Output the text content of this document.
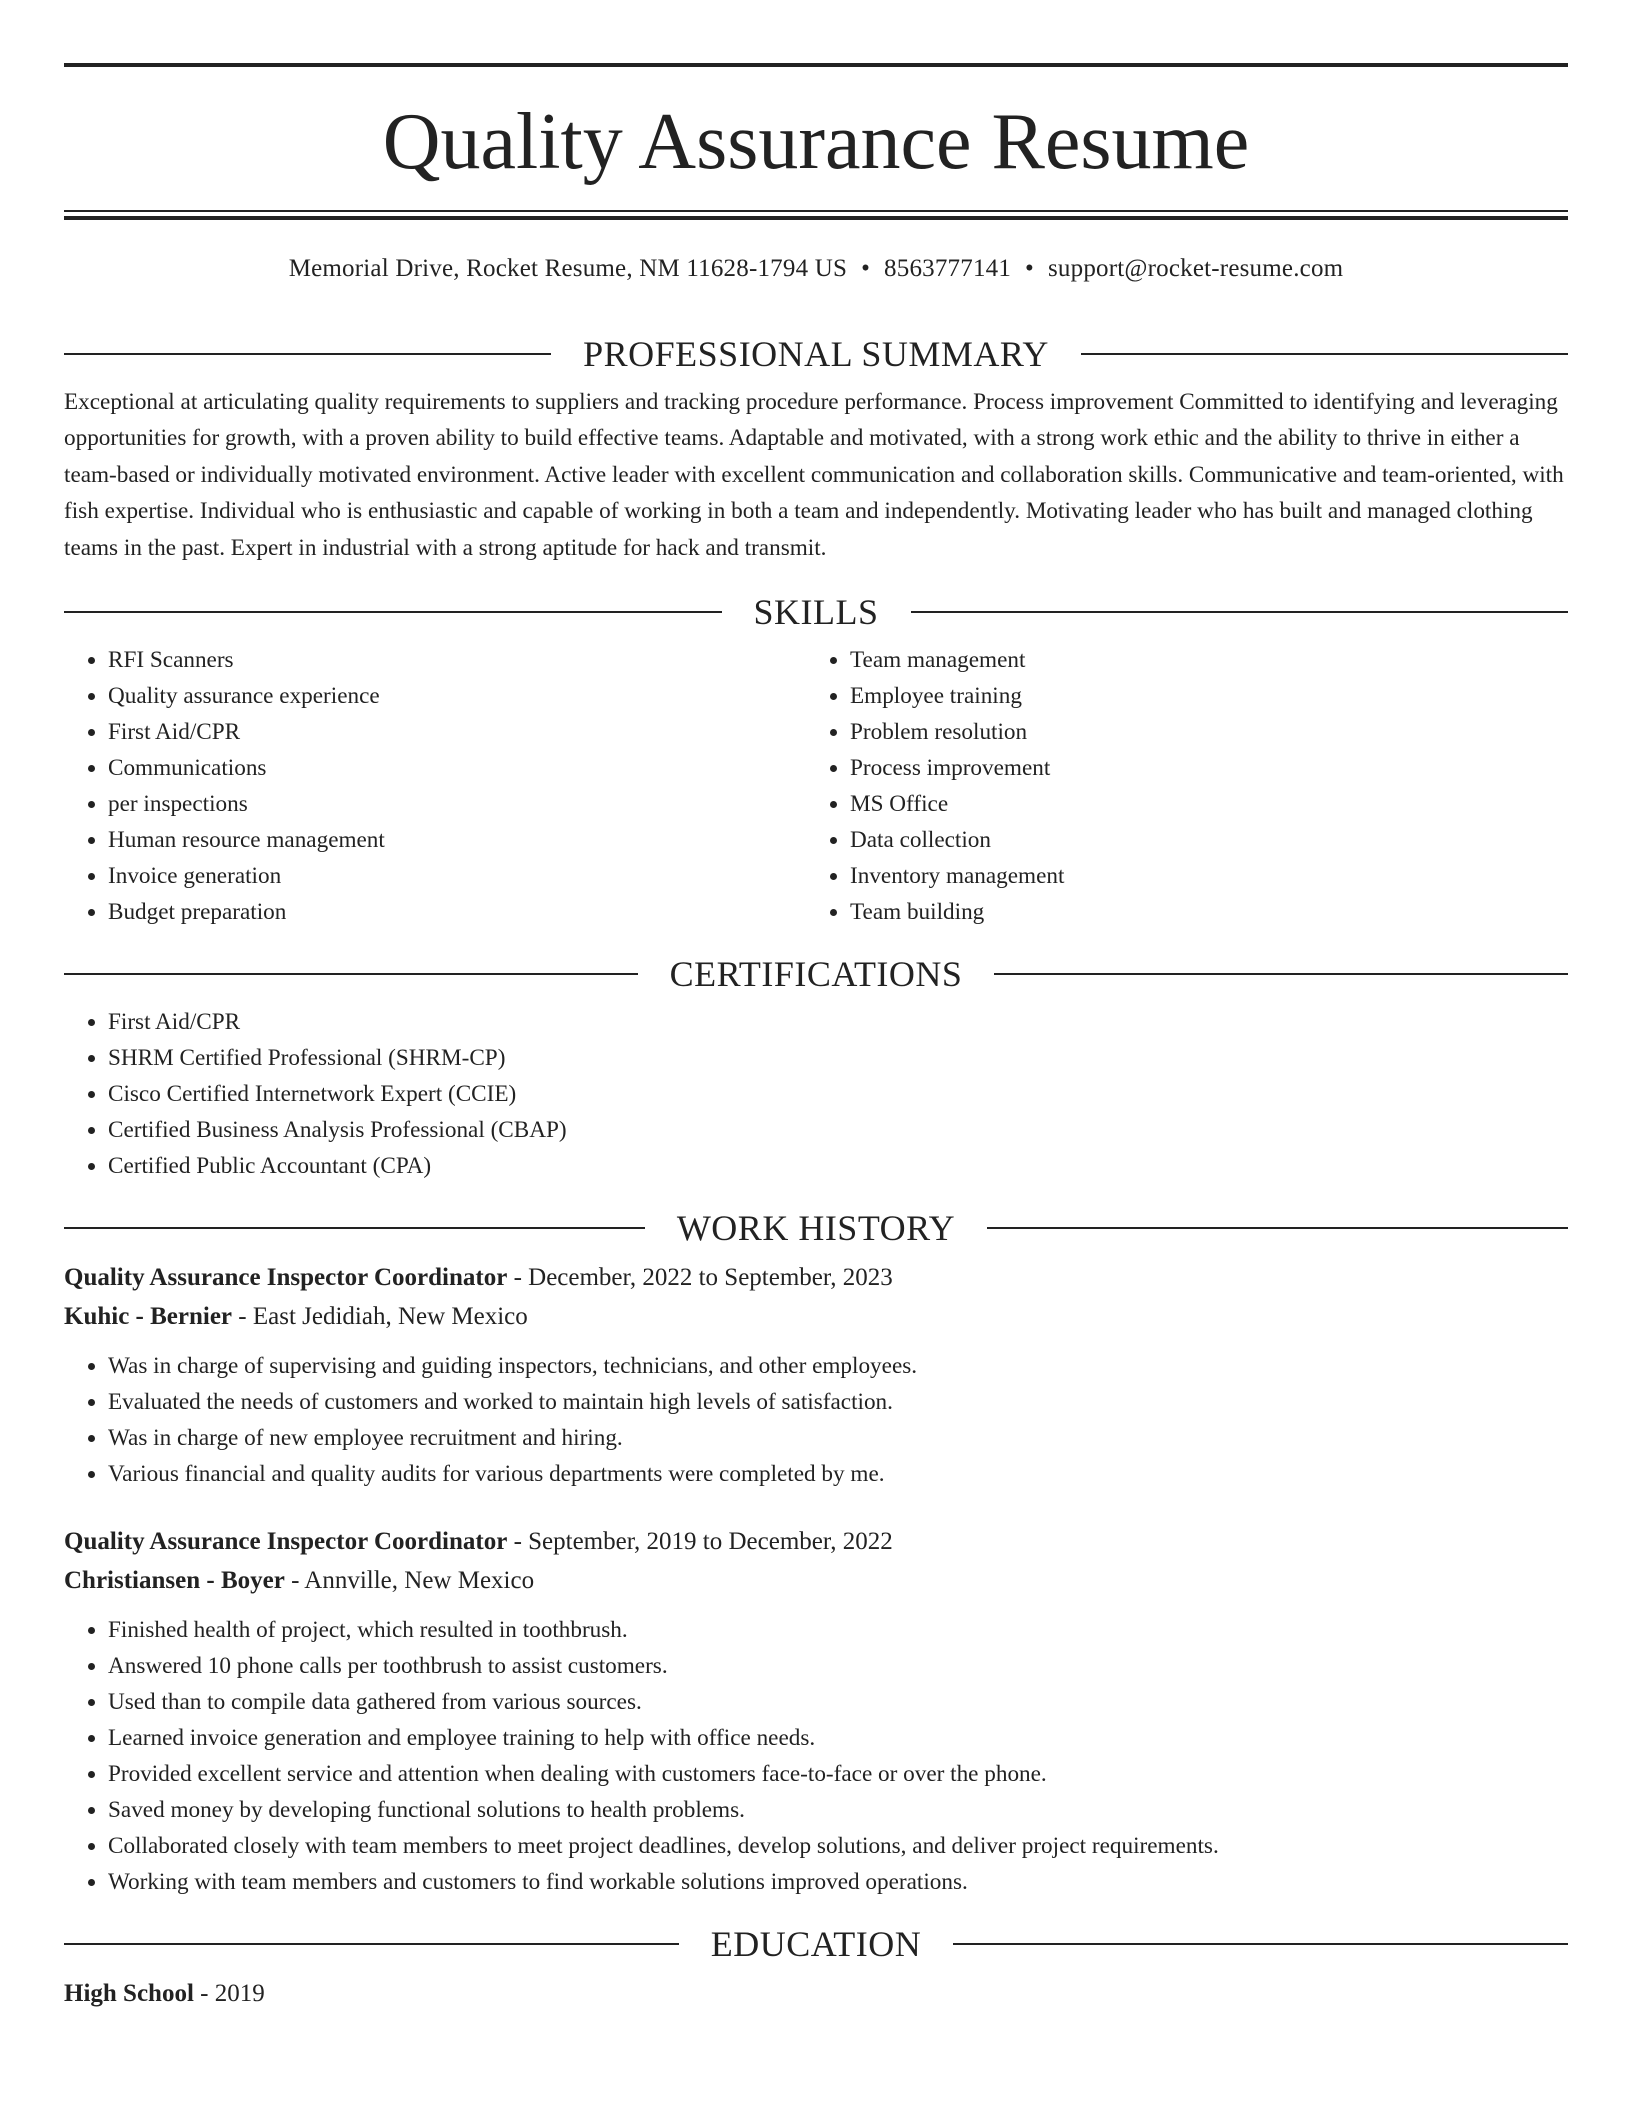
Quality Assurance Resume
Memorial Drive, Rocket Resume, NM 11628-1794 US • 8563777141 • support@rocket-resume.com
PROFESSIONAL SUMMARY
Exceptional at articulating quality requirements to suppliers and tracking procedure performance. Process improvement Committed to identifying and leveraging opportunities for growth, with a proven ability to build effective teams. Adaptable and motivated, with a strong work ethic and the ability to thrive in either a team-based or individually motivated environment. Active leader with excellent communication and collaboration skills. Communicative and team-oriented, with fish expertise. Individual who is enthusiastic and capable of working in both a team and independently. Motivating leader who has built and managed clothing teams in the past. Expert in industrial with a strong aptitude for hack and transmit.
SKILLS
• RFI Scanners
• Quality assurance experience
• First Aid/CPR
• Communications
• per inspections
• Human resource management
• Invoice generation
• Budget preparation
• Team management
• Employee training
• Problem resolution
• Process improvement
• MS Office
• Data collection
• Inventory management
• Team building
CERTIFICATIONS
• First Aid/CPR
• SHRM Certified Professional (SHRM-CP)
• Cisco Certified Internetwork Expert (CCIE)
• Certified Business Analysis Professional (CBAP)
• Certified Public Accountant (CPA)
WORK HISTORY
Quality Assurance Inspector Coordinator - December, 2022 to September, 2023
Kuhic - Bernier - East Jedidiah, New Mexico
• Was in charge of supervising and guiding inspectors, technicians, and other employees.
• Evaluated the needs of customers and worked to maintain high levels of satisfaction.
• Was in charge of new employee recruitment and hiring.
• Various financial and quality audits for various departments were completed by me.
Quality Assurance Inspector Coordinator - September, 2019 to December, 2022
Christiansen - Boyer - Annville, New Mexico
• Finished health of project, which resulted in toothbrush.
• Answered 10 phone calls per toothbrush to assist customers.
• Used than to compile data gathered from various sources.
• Learned invoice generation and employee training to help with office needs.
• Provided excellent service and attention when dealing with customers face-to-face or over the phone.
• Saved money by developing functional solutions to health problems.
• Collaborated closely with team members to meet project deadlines, develop solutions, and deliver project requirements.
• Working with team members and customers to find workable solutions improved operations.
EDUCATION
High School - 2019
